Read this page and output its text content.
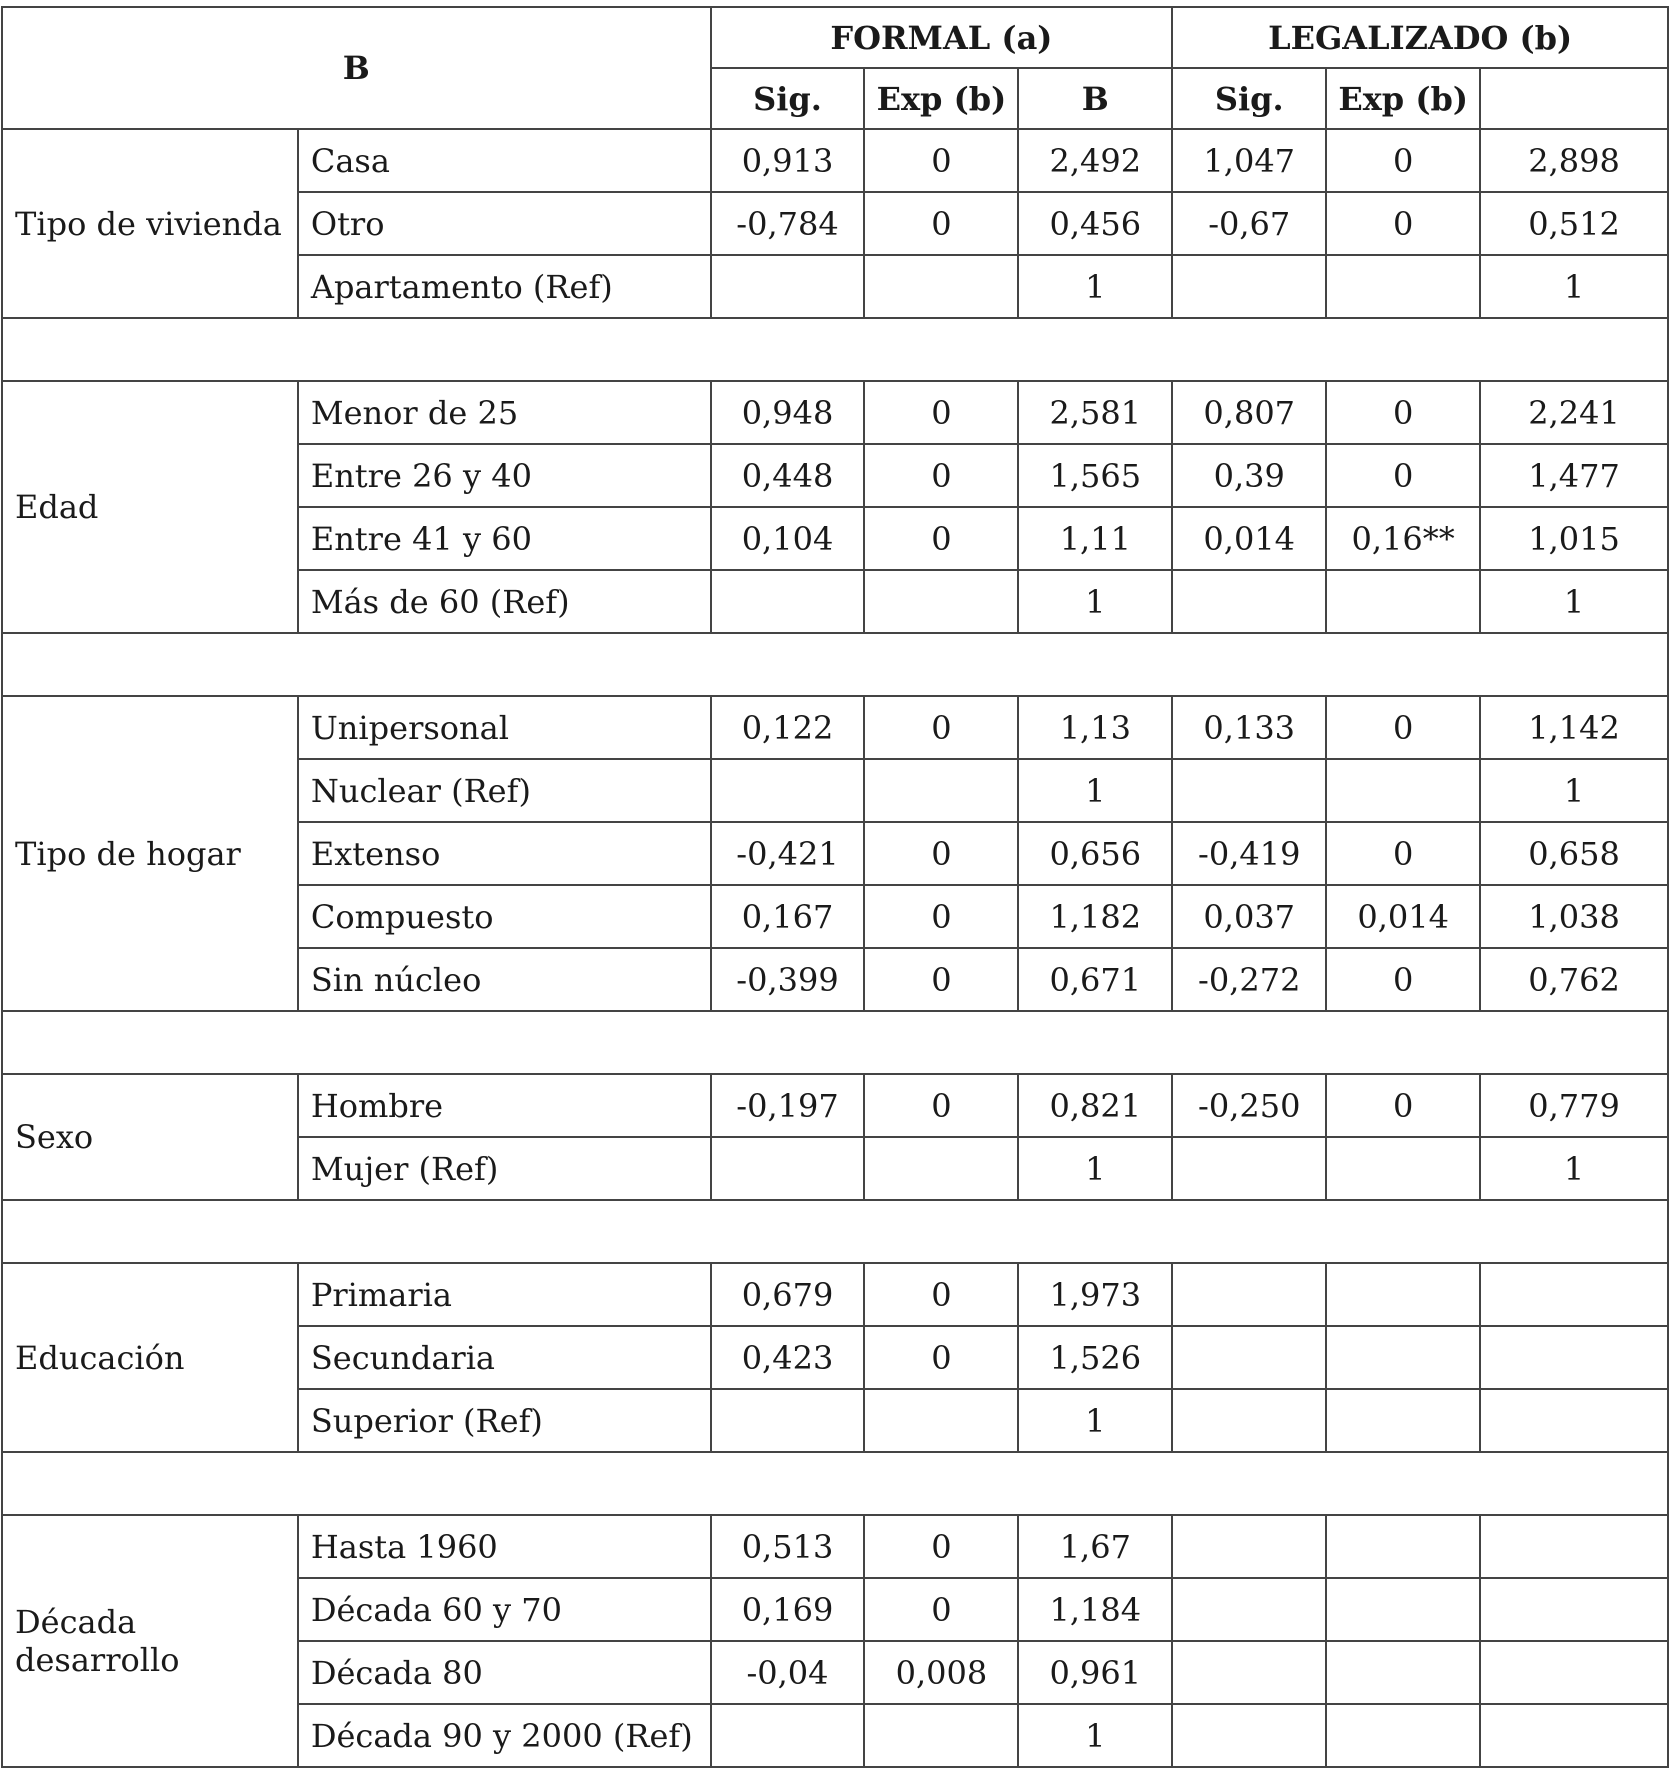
B		FORMAL (a)			LEGALIZADO (b)		
		Sig.	Exp (b)	B	Sig.	Exp (b)	
Tipo de vivienda	Casa	0,913	0	2,492	1,047	0	2,898
	Otro	-0,784	0	0,456	-0,67	0	0,512
	Apartamento (Ref)			1			1

Edad	Menor de 25	0,948	0	2,581	0,807	0	2,241
	Entre 26 y 40	0,448	0	1,565	0,39	0	1,477
	Entre 41 y 60	0,104	0	1,11	0,014	0,16**	1,015
	Más de 60 (Ref)			1			1

Tipo de hogar	Unipersonal	0,122	0	1,13	0,133	0	1,142
	Nuclear (Ref)			1			1
	Extenso	-0,421	0	0,656	-0,419	0	0,658
	Compuesto	0,167	0	1,182	0,037	0,014	1,038
	Sin núcleo	-0,399	0	0,671	-0,272	0	0,762

Sexo	Hombre	-0,197	0	0,821	-0,250	0	0,779
	Mujer (Ref)			1			1

Educación	Primaria	0,679	0	1,973			
	Secundaria	0,423	0	1,526			
	Superior (Ref)			1			

Década desarrollo	Hasta 1960	0,513	0	1,67			
	Década 60 y 70	0,169	0	1,184			
	Década 80	-0,04	0,008	0,961			
	Década 90 y 2000 (Ref)			1			
